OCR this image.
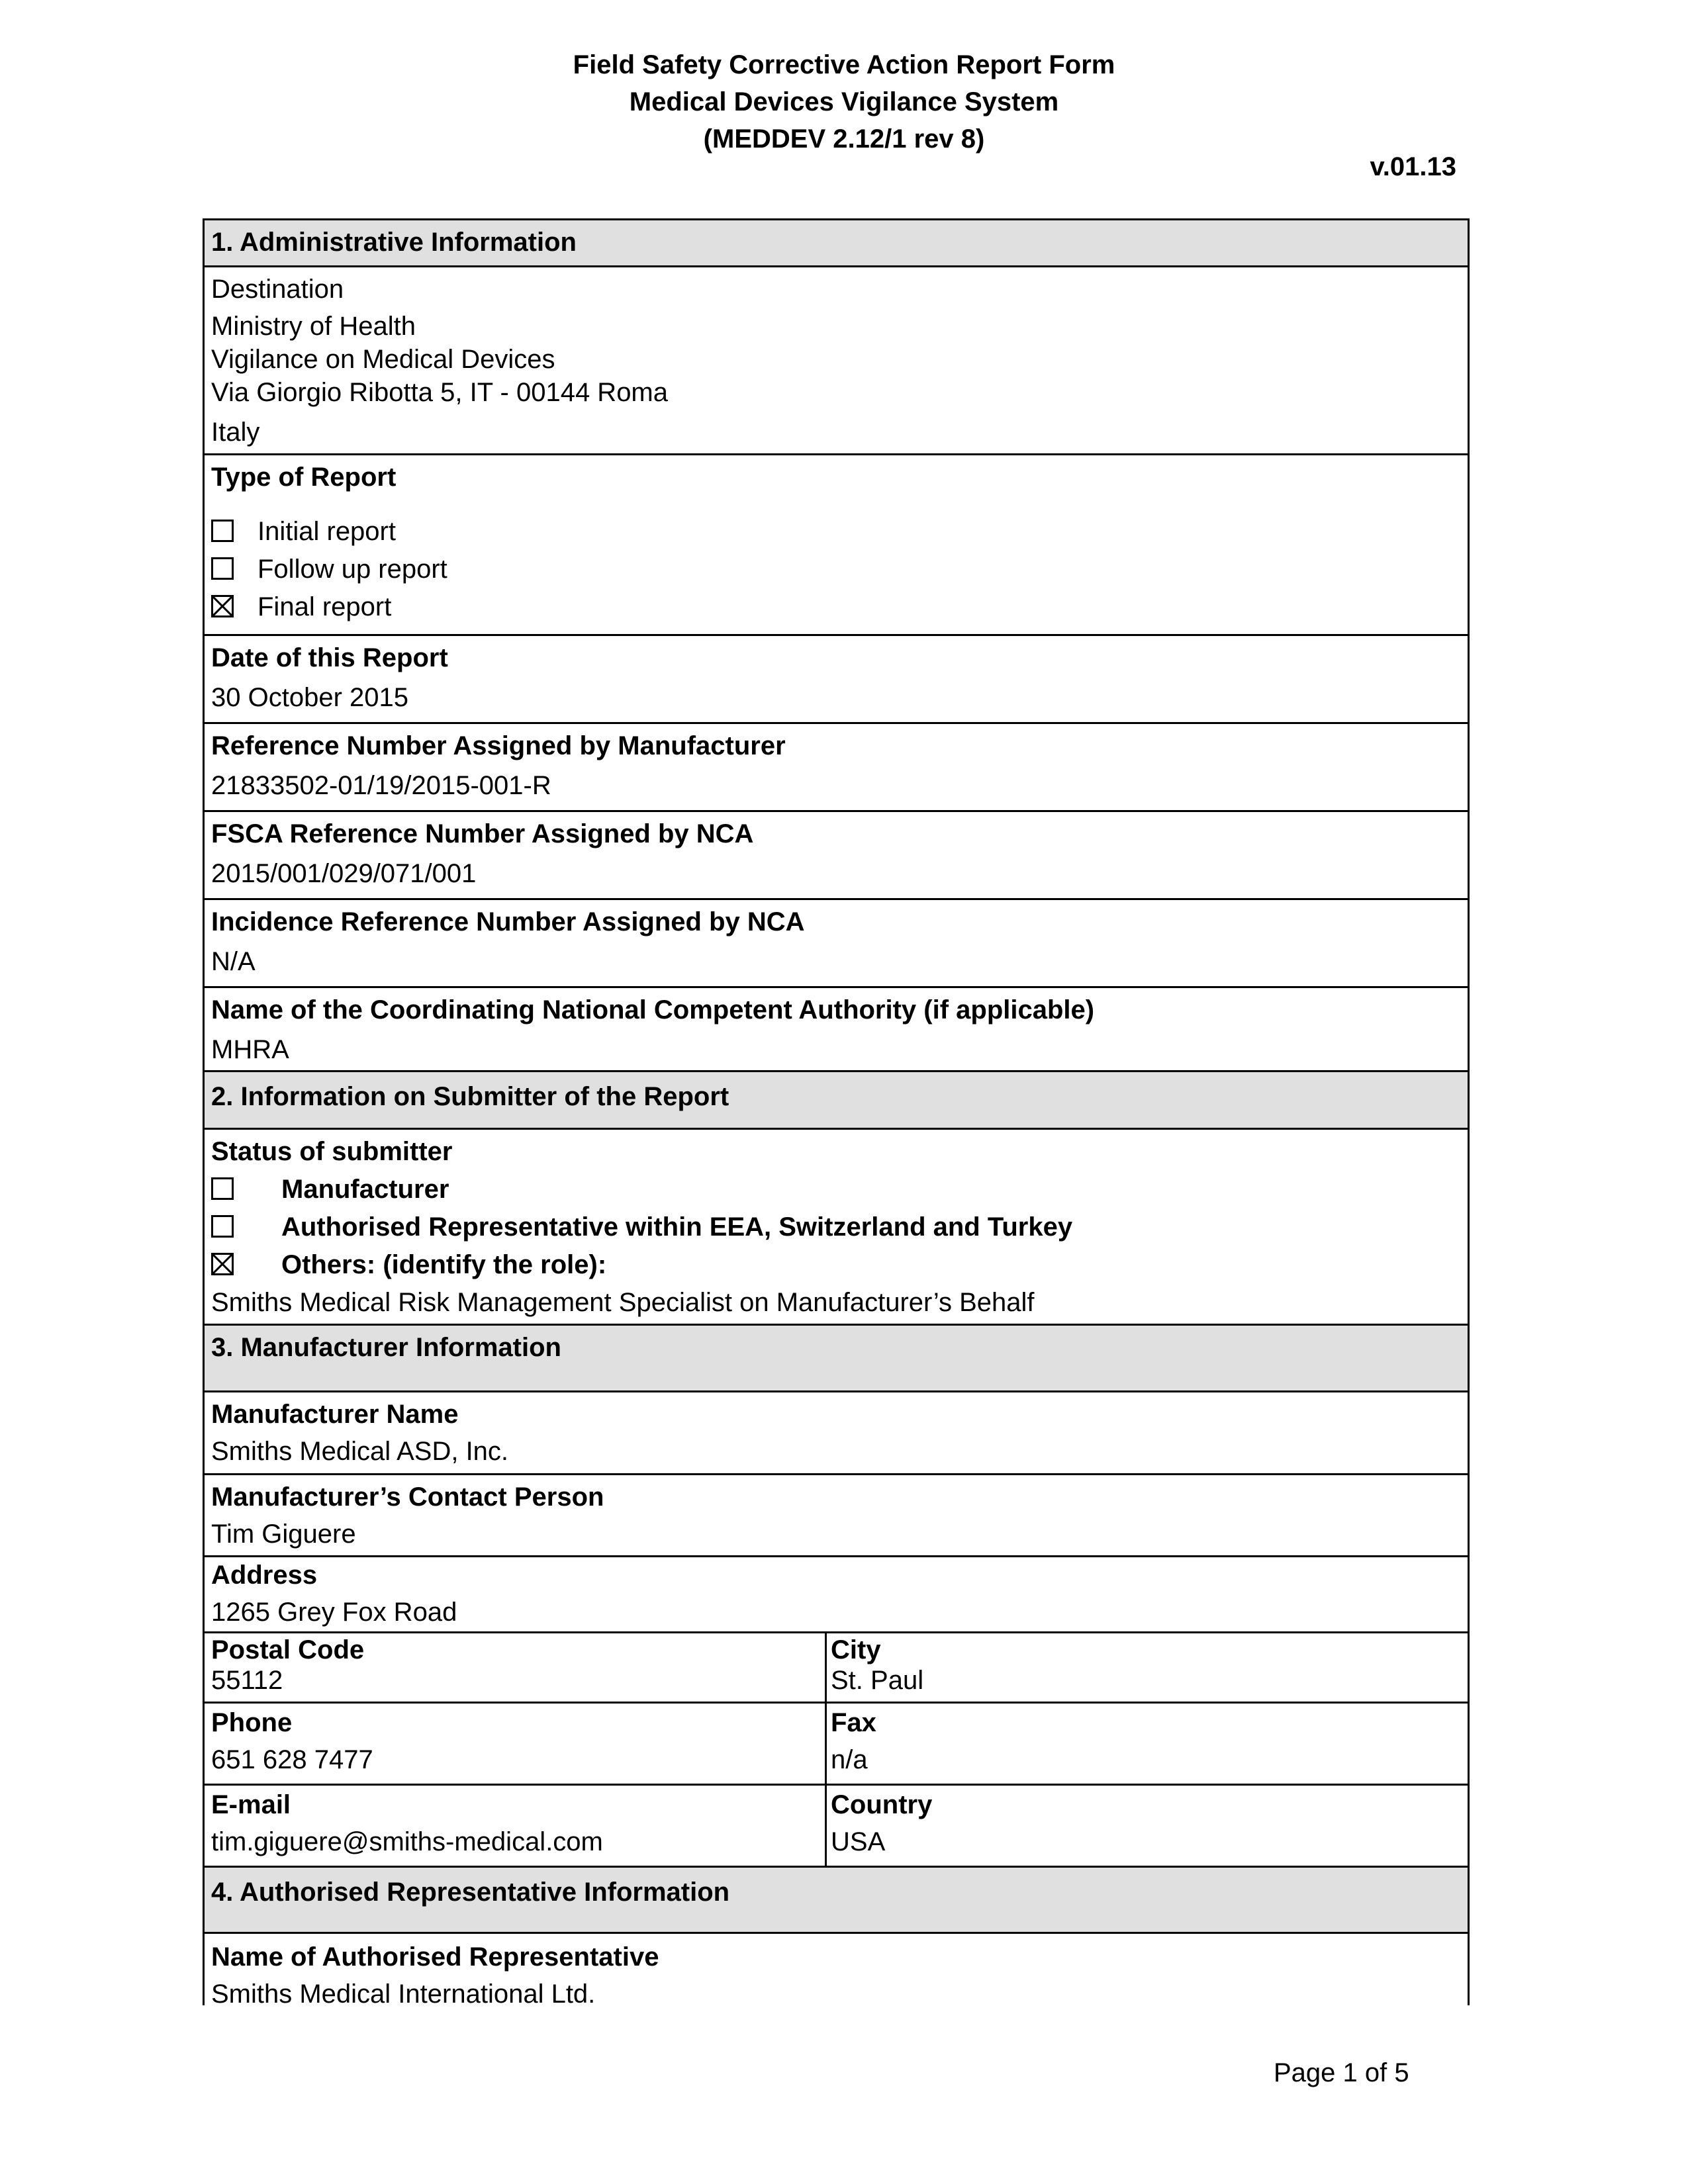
Field Safety Corrective Action Report Form
Medical Devices Vigilance System
(MEDDEV 2.12/1 rev 8)
v.01.13
1. Administrative Information
Destination
Ministry of Health
Vigilance on Medical Devices
Via Giorgio Ribotta 5, IT - 00144 Roma
Italy
Type of Report
Initial report
Follow up report
Final report
Date of this Report
30 October 2015
Reference Number Assigned by Manufacturer
21833502-01/19/2015-001-R
FSCA Reference Number Assigned by NCA
2015/001/029/071/001
Incidence Reference Number Assigned by NCA
N/A
Name of the Coordinating National Competent Authority (if applicable)
MHRA
2. Information on Submitter of the Report
Status of submitter
Manufacturer
Authorised Representative within EEA, Switzerland and Turkey
Others: (identify the role):
Smiths Medical Risk Management Specialist on Manufacturer’s Behalf
3. Manufacturer Information
Manufacturer Name
Smiths Medical ASD, Inc.
Manufacturer’s Contact Person
Tim Giguere
Address
1265 Grey Fox Road
Postal Code
55112
City
St. Paul
Phone
651 628 7477
Fax
n/a
E-mail
tim.giguere@smiths-medical.com
Country
USA
4. Authorised Representative Information
Name of Authorised Representative
Smiths Medical International Ltd.
Page 1 of 5
